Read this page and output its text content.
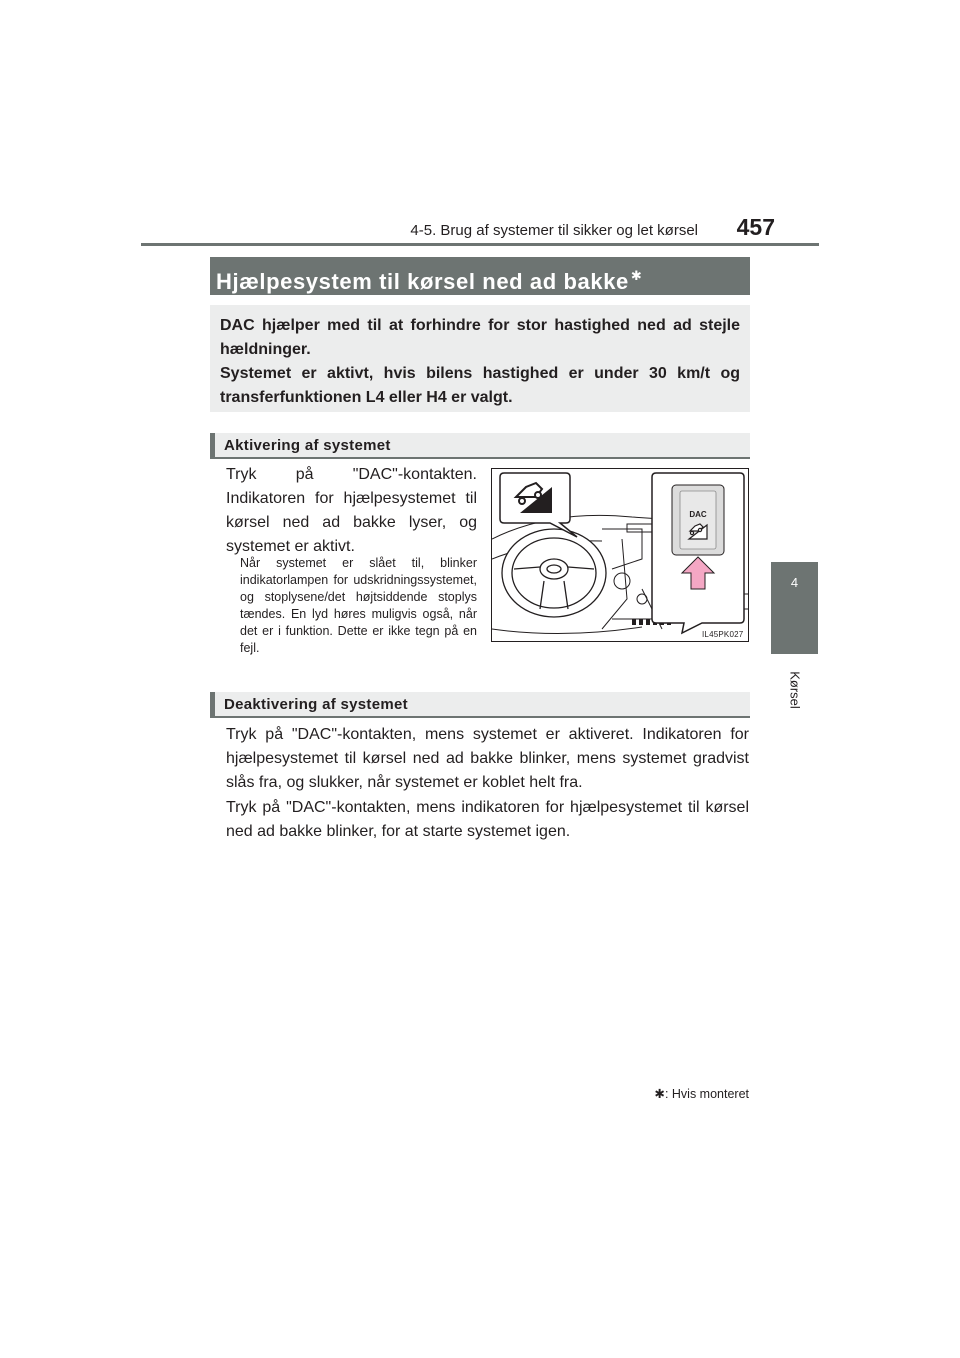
457
4-5. Brug af systemer til sikker og let kørsel
4
Kørsel
Hjælpesystem til kørsel ned ad bakke ✱

DAC hjælper med til at forhindre for stor hastighed ned ad stejle hældninger.

Systemet er aktivt, hvis bilens hastighed er under 30 km/t og transferfunktionen L4 eller H4 er valgt.

Aktivering af systemet

Tryk på "DAC"-kontakten. Indikatoren for hjælpesystemet til kørsel ned ad bakke lyser, og systemet er aktivt.

Når systemet er slået til, blinker indikatorlampen for udskridningssystemet, og stoplysene/det højtsiddende stoplys tændes. En lyd høres muligvis også, når det er i funktion. Dette er ikke tegn på en fejl.

DAC
IL45PK027
Deaktivering af systemet

Tryk på "DAC"-kontakten, mens systemet er aktiveret. Indikatoren for hjælpesystemet til kørsel ned ad bakke blinker, mens systemet gradvist slås fra, og slukker, når systemet er koblet helt fra.

Tryk på "DAC"-kontakten, mens indikatoren for hjælpesystemet til kørsel ned ad bakke blinker, for at starte systemet igen.

✱: Hvis monteret
